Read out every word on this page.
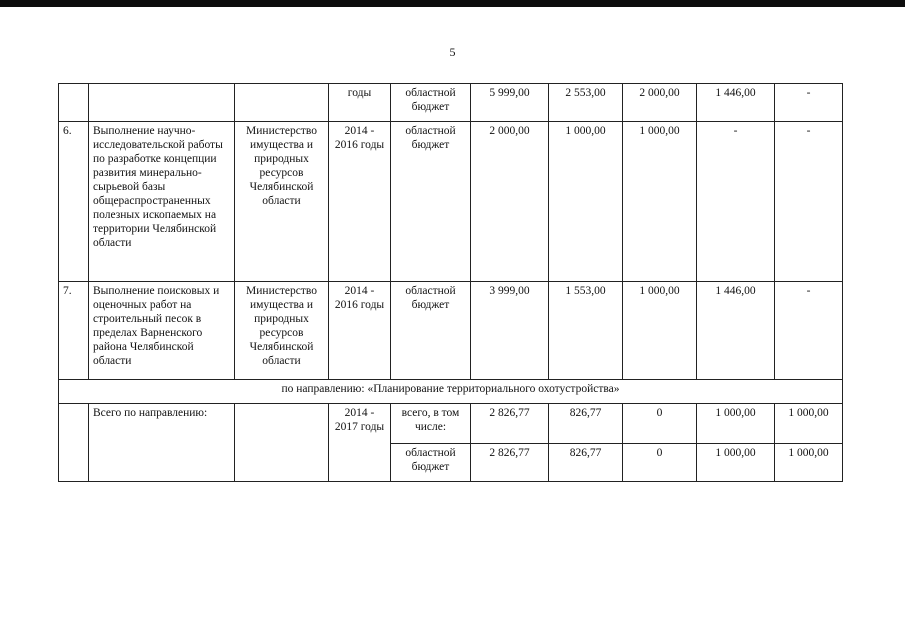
5
			годы	областной бюджет	5 999,00	2 553,00	2 000,00	1 446,00	-
6.	Выполнение научно-исследовательской работы по разработке концепции развития минерально-сырьевой базы общераспространенных полезных ископаемых на территории Челябинской области	Министерство имущества и природных ресурсов Челябинской области	2014 - 2016 годы	областной бюджет	2 000,00	1 000,00	1 000,00	-	-
7.	Выполнение поисковых и оценочных работ на строительный песок в пределах Варненского района Челябинской области	Министерство имущества и природных ресурсов Челябинской области	2014 - 2016 годы	областной бюджет	3 999,00	1 553,00	1 000,00	1 446,00	-
по направлению: «Планирование территориального охотустройства»									
	Всего по направлению:		2014 - 2017 годы	всего, в том числе:	2 826,77	826,77	0	1 000,00	1 000,00
				областной бюджет	2 826,77	826,77	0	1 000,00	1 000,00
